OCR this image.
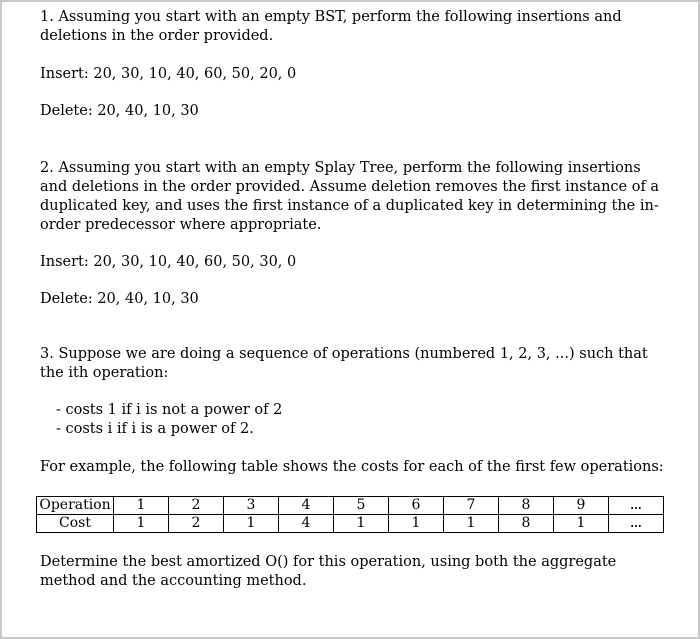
1. Assuming you start with an empty BST, perform the following insertions and deletions in the order provided.

Insert: 20, 30, 10, 40, 60, 50, 20, 0

Delete: 20, 40, 10, 30

2. Assuming you start with an empty Splay Tree, perform the following insertions and deletions in the order provided. Assume deletion removes the first instance of a duplicated key, and uses the first instance of a duplicated key in determining the in-order predecessor where appropriate.

Insert: 20, 30, 10, 40, 60, 50, 30, 0

Delete: 20, 40, 10, 30

3. Suppose we are doing a sequence of operations (numbered 1, 2, 3, ...) such that the ith operation:

- costs 1 if i is not a power of 2
- costs i if i is a power of 2.

For example, the following table shows the costs for each of the first few operations:

Operation	1	2	3	4	5	6	7	8	9	...
Cost	1	2	1	4	1	1	1	8	1	...

Determine the best amortized O() for this operation, using both the aggregate method and the accounting method.
